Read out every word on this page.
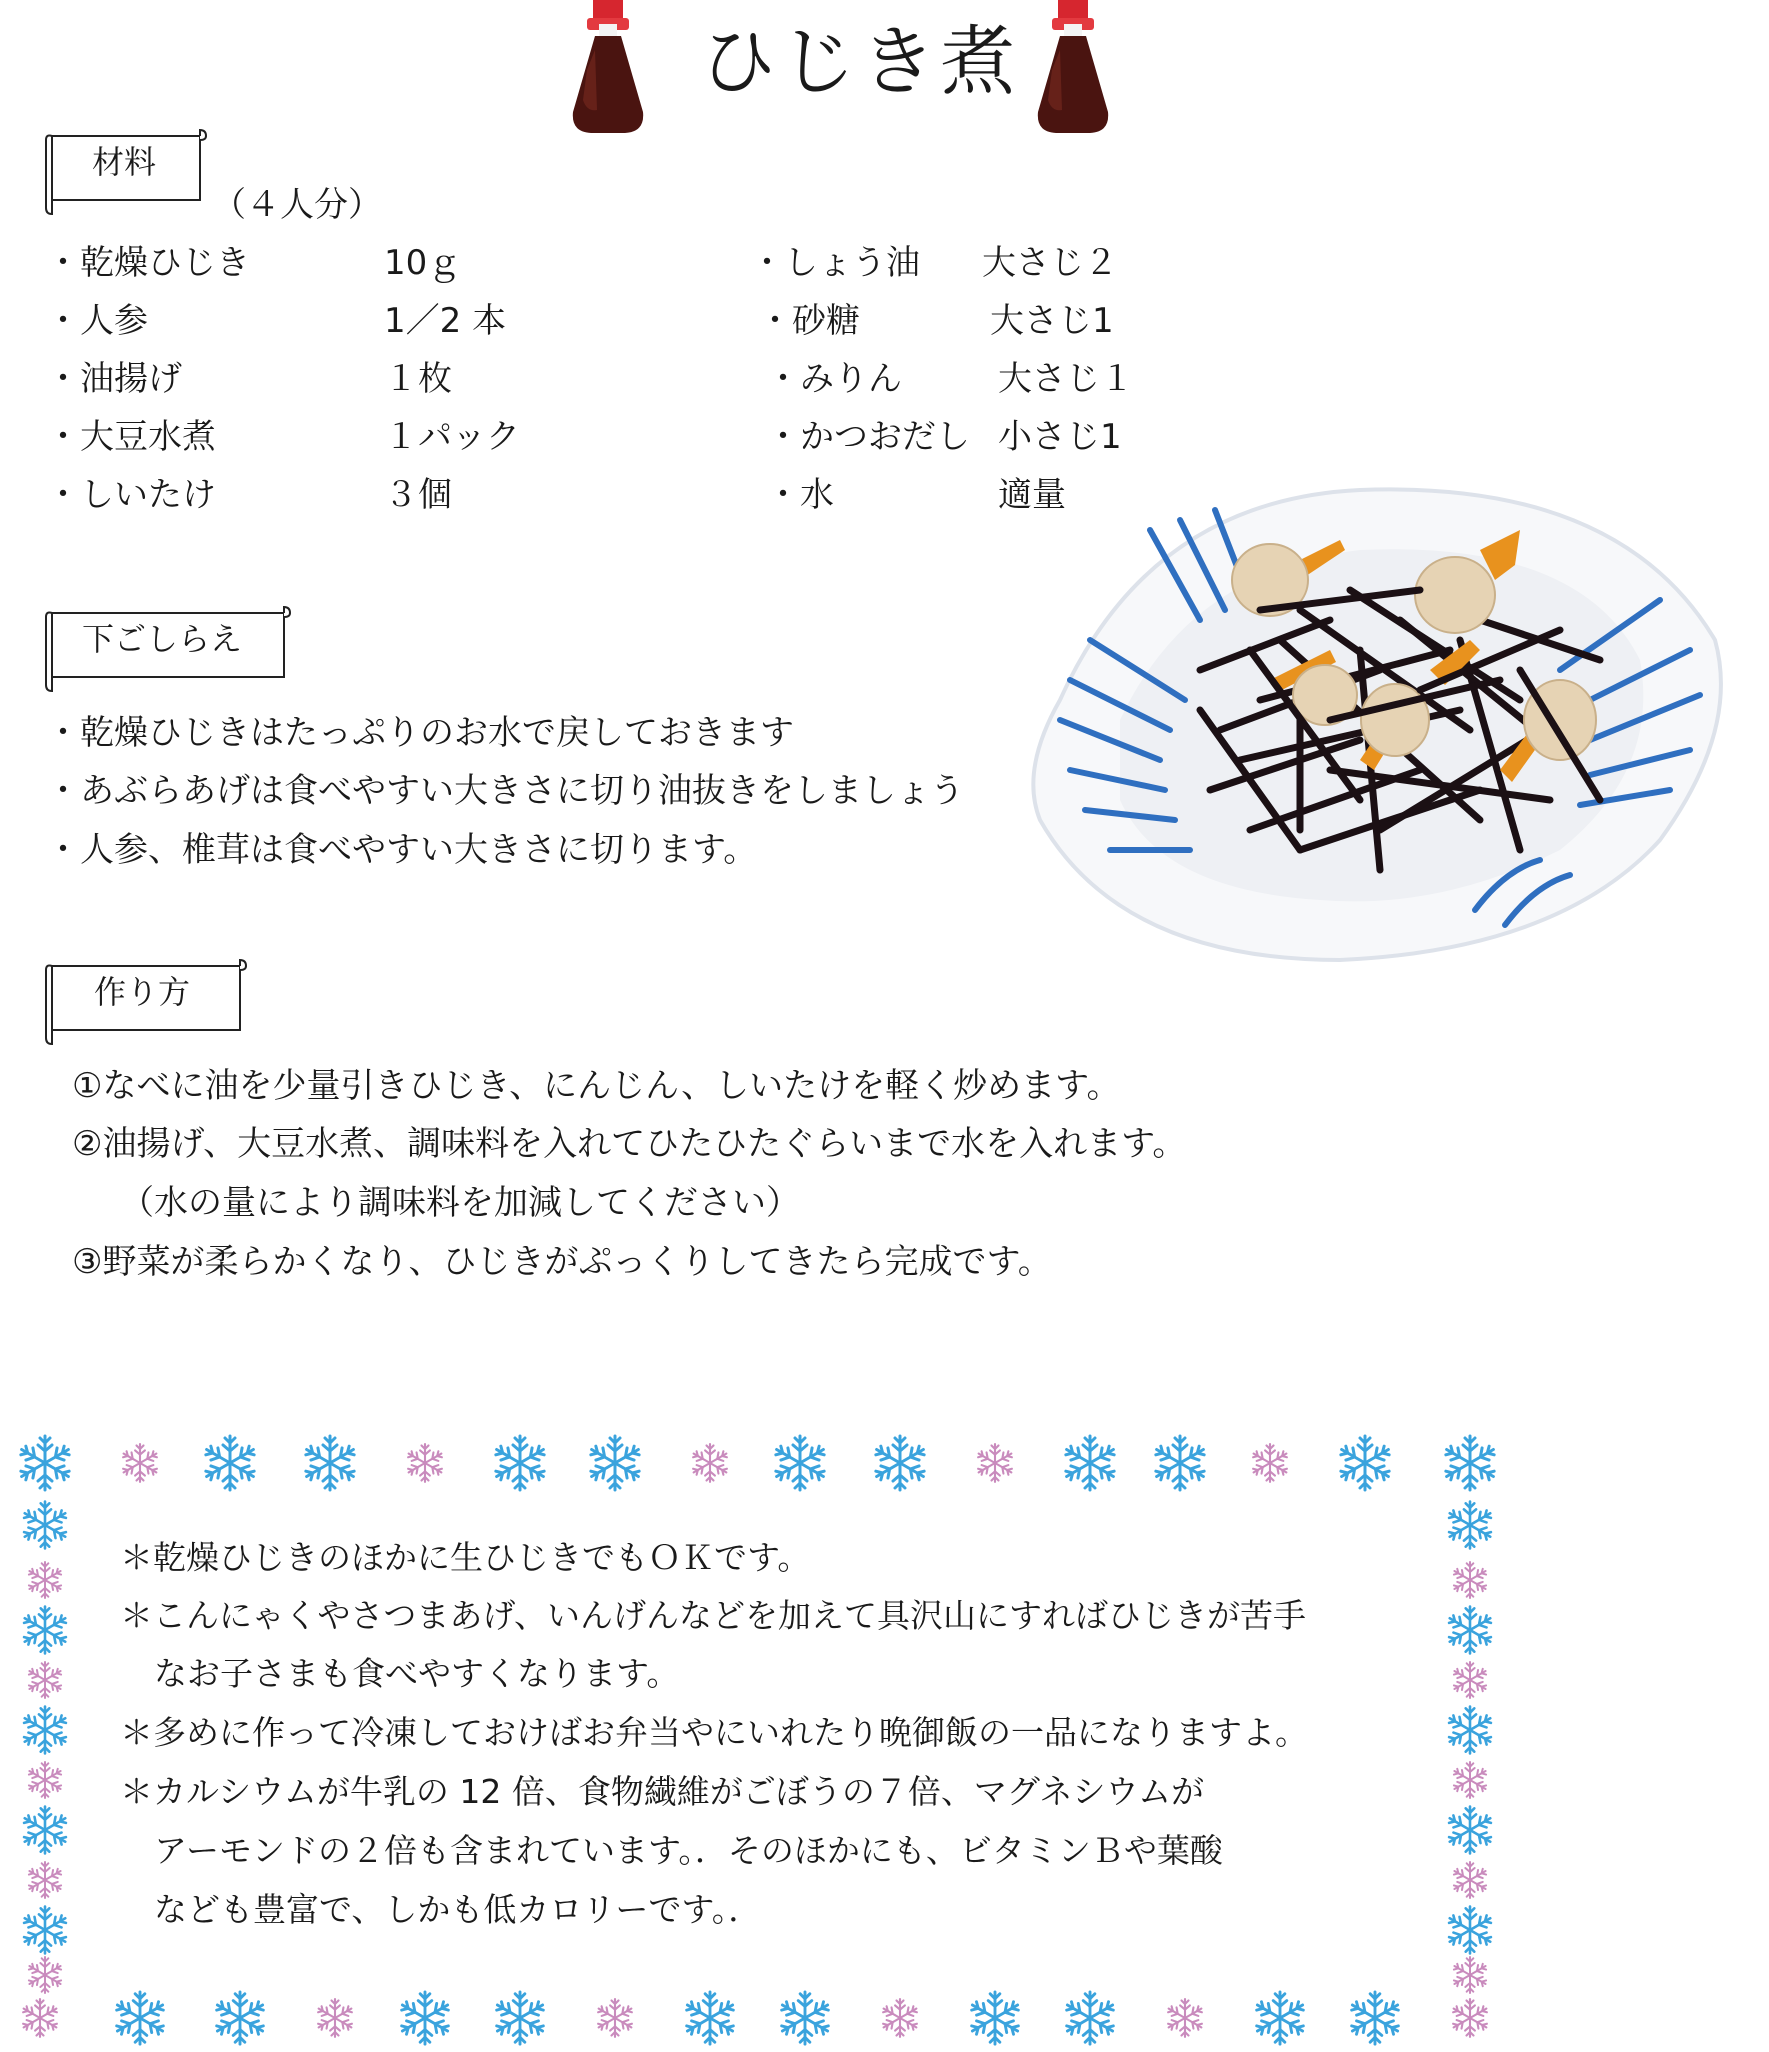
ひじき煮
材料
（４人分）
・乾燥ひじき	10ｇ
・人参	1／2 本
・油揚げ	１枚
・大豆水煮	１パック
・しいたけ	３個
・しょう油 大さじ２
・砂糖	大さじ1
・みりん	大さじ１
・かつおだし 小さじ1
・水	適量
下ごしらえ
・乾燥ひじきはたっぷりのお水で戻しておきます
・あぶらあげは食べやすい大きさに切り油抜きをしましょう
・人参、椎茸は食べやすい大きさに切ります。
作り方
①なべに油を少量引きひじき、にんじん、しいたけを軽く炒めます。
②油揚げ、大豆水煮、調味料を入れてひたひたぐらいまで水を入れます。
（水の量により調味料を加減してください）
③野菜が柔らかくなり、ひじきがぷっくりしてきたら完成です。
＊乾燥ひじきのほかに生ひじきでもＯＫです。
＊こんにゃくやさつまあげ、いんげんなどを加えて具沢山にすればひじきが苦手
なお子さまも食べやすくなります。
＊多めに作って冷凍しておけばお弁当やにいれたり晩御飯の一品になりますよ。
＊カルシウムが牛乳の 12 倍、食物繊維がごぼうの７倍、マグネシウムが
アーモンドの２倍も含まれています。．そのほかにも、ビタミンＢや葉酸
なども豊富で、しかも低カロリーです。．
